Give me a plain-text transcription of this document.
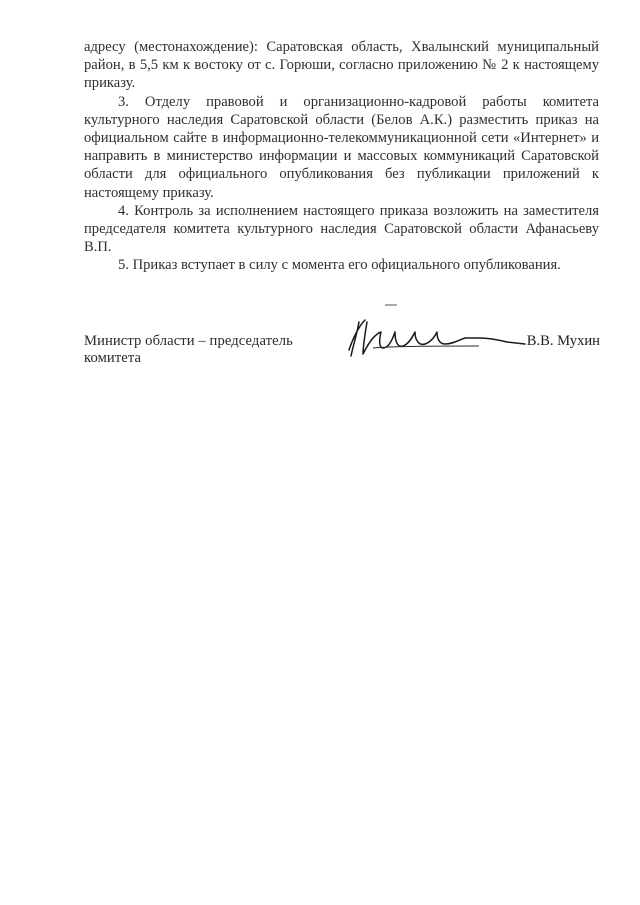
адресу (местонахождение): Саратовская область, Хвалынский муниципальный район, в 5,5 км к востоку от с. Горюши, согласно приложению № 2 к настоящему приказу.

3. Отделу правовой и организационно-кадровой работы комитета культурного наследия Саратовской области (Белов А.К.) разместить приказ на официальном сайте в информационно-телекоммуникационной сети «Интернет» и направить в министерство информации и массовых коммуникаций Саратовской области для официального опубликования без публикации приложений к настоящему приказу.

4. Контроль за исполнением настоящего приказа возложить на заместителя председателя комитета культурного наследия Саратовской области Афанасьеву В.П.

5. Приказ вступает в силу с момента его официального опубликования.

Министр области – председатель
комитета
В.В. Мухин
